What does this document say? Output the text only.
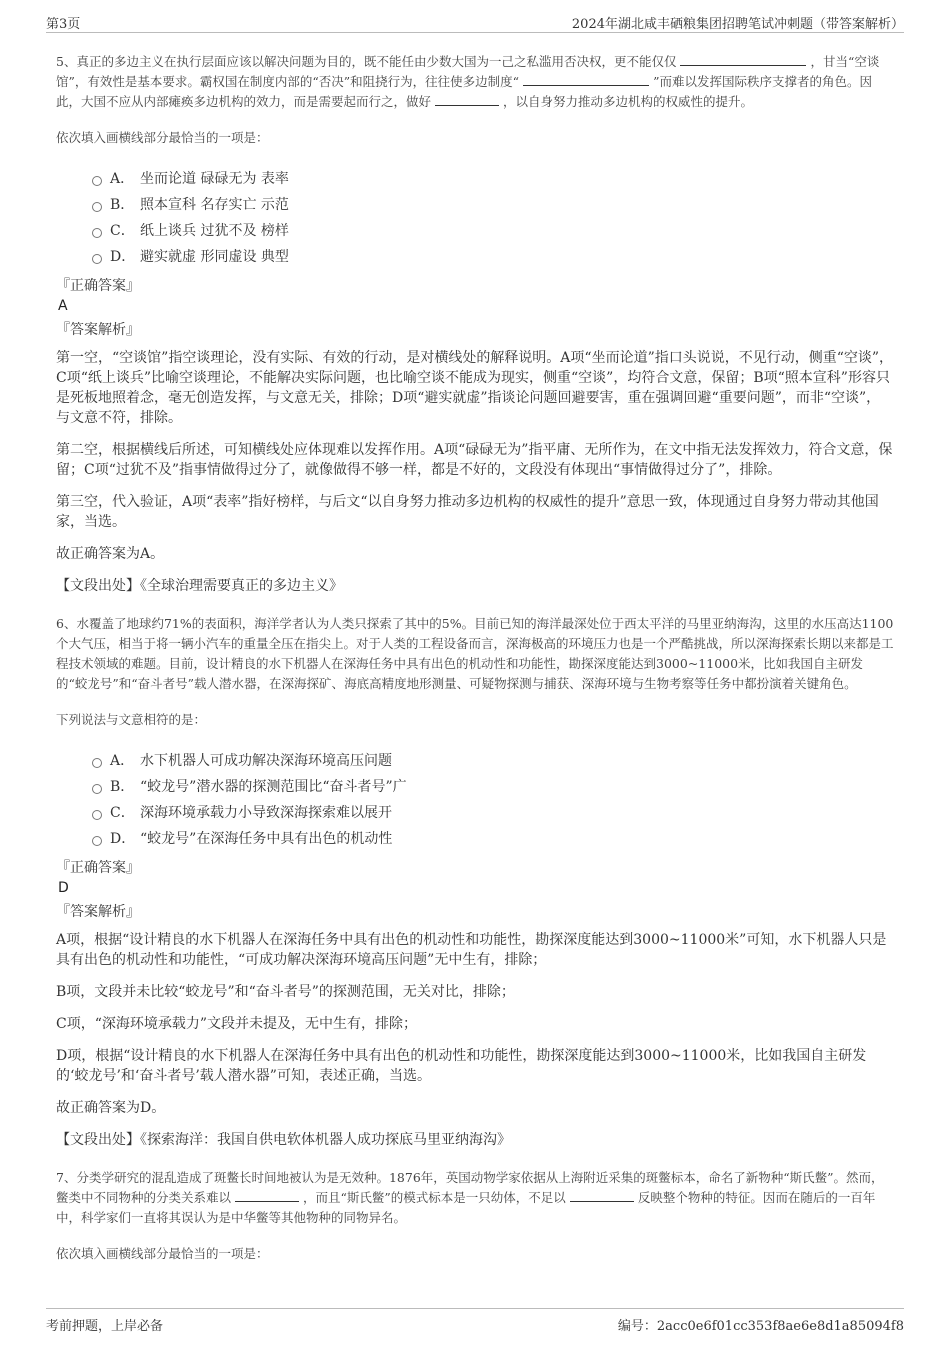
第3页	2024年湖北咸丰硒粮集团招聘笔试冲刺题（带答案解析）

5、真正的多边主义在执行层面应该以解决问题为目的，既不能任由少数大国为一己之私滥用否决权，更不能仅仅	，甘当“空谈馆”，有效性是基本要求。霸权国在制度内部的“否决”和阻挠行为，往往使多边制度“	”而难以发挥国际秩序支撑者的角色。因此，大国不应从内部瘫痪多边机构的效力，而是需要起而行之，做好	，以自身努力推动多边机构的权威性的提升。

依次填入画横线部分最恰当的一项是：

A． 坐而论道 碌碌无为 表率
B． 照本宣科 名存实亡 示范
C． 纸上谈兵 过犹不及 榜样
D． 避实就虚 形同虚设 典型

『正确答案』

A

『答案解析』

第一空，“空谈馆”指空谈理论，没有实际、有效的行动，是对横线处的解释说明。A项“坐而论道”指口头说说，不见行动，侧重“空谈”，C项“纸上谈兵”比喻空谈理论，不能解决实际问题，也比喻空谈不能成为现实，侧重“空谈”，均符合文意，保留；B项“照本宣科”形容只是死板地照着念，毫无创造发挥，与文意无关，排除；D项“避实就虚”指谈论问题回避要害，重在强调回避“重要问题”，而非“空谈”，与文意不符，排除。

第二空，根据横线后所述，可知横线处应体现难以发挥作用。A项“碌碌无为”指平庸、无所作为，在文中指无法发挥效力，符合文意，保留；C项“过犹不及”指事情做得过分了，就像做得不够一样，都是不好的，文段没有体现出“事情做得过分了”，排除。

第三空，代入验证，A项“表率”指好榜样，与后文“以自身努力推动多边机构的权威性的提升”意思一致，体现通过自身努力带动其他国家，当选。

故正确答案为A。

【文段出处】《全球治理需要真正的多边主义》

6、水覆盖了地球约71%的表面积，海洋学者认为人类只探索了其中的5%。目前已知的海洋最深处位于西太平洋的马里亚纳海沟，这里的水压高达1100个大气压，相当于将一辆小汽车的重量全压在指尖上。对于人类的工程设备而言，深海极高的环境压力也是一个严酷挑战，所以深海探索长期以来都是工程技术领域的难题。目前，设计精良的水下机器人在深海任务中具有出色的机动性和功能性，勘探深度能达到3000~11000米，比如我国自主研发的“蛟龙号”和“奋斗者号”载人潜水器，在深海探矿、海底高精度地形测量、可疑物探测与捕获、深海环境与生物考察等任务中都扮演着关键角色。

下列说法与文意相符的是：

A． 水下机器人可成功解决深海环境高压问题
B． “蛟龙号”潜水器的探测范围比“奋斗者号”广
C． 深海环境承载力小导致深海探索难以展开
D． “蛟龙号”在深海任务中具有出色的机动性

『正确答案』

D

『答案解析』

A项，根据“设计精良的水下机器人在深海任务中具有出色的机动性和功能性，勘探深度能达到3000~11000米”可知，水下机器人只是具有出色的机动性和功能性，“可成功解决深海环境高压问题”无中生有，排除；

B项，文段并未比较“蛟龙号”和“奋斗者号”的探测范围，无关对比，排除；

C项，“深海环境承载力”文段并未提及，无中生有，排除；

D项，根据“设计精良的水下机器人在深海任务中具有出色的机动性和功能性，勘探深度能达到3000~11000米，比如我国自主研发的‘蛟龙号’和‘奋斗者号’载人潜水器”可知，表述正确，当选。

故正确答案为D。

【文段出处】《探索海洋：我国自供电软体机器人成功探底马里亚纳海沟》

7、分类学研究的混乱造成了斑鳖长时间地被认为是无效种。1876年，英国动物学家依据从上海附近采集的斑鳖标本，命名了新物种“斯氏鳖”。然而，鳖类中不同物种的分类关系难以	，而且“斯氏鳖”的模式标本是一只幼体，不足以	反映整个物种的特征。因而在随后的一百年中，科学家们一直将其误认为是中华鳖等其他物种的同物异名。

依次填入画横线部分最恰当的一项是：

考前押题，上岸必备	编号：2acc0e6f01cc353f8ae6e8d1a85094f8
